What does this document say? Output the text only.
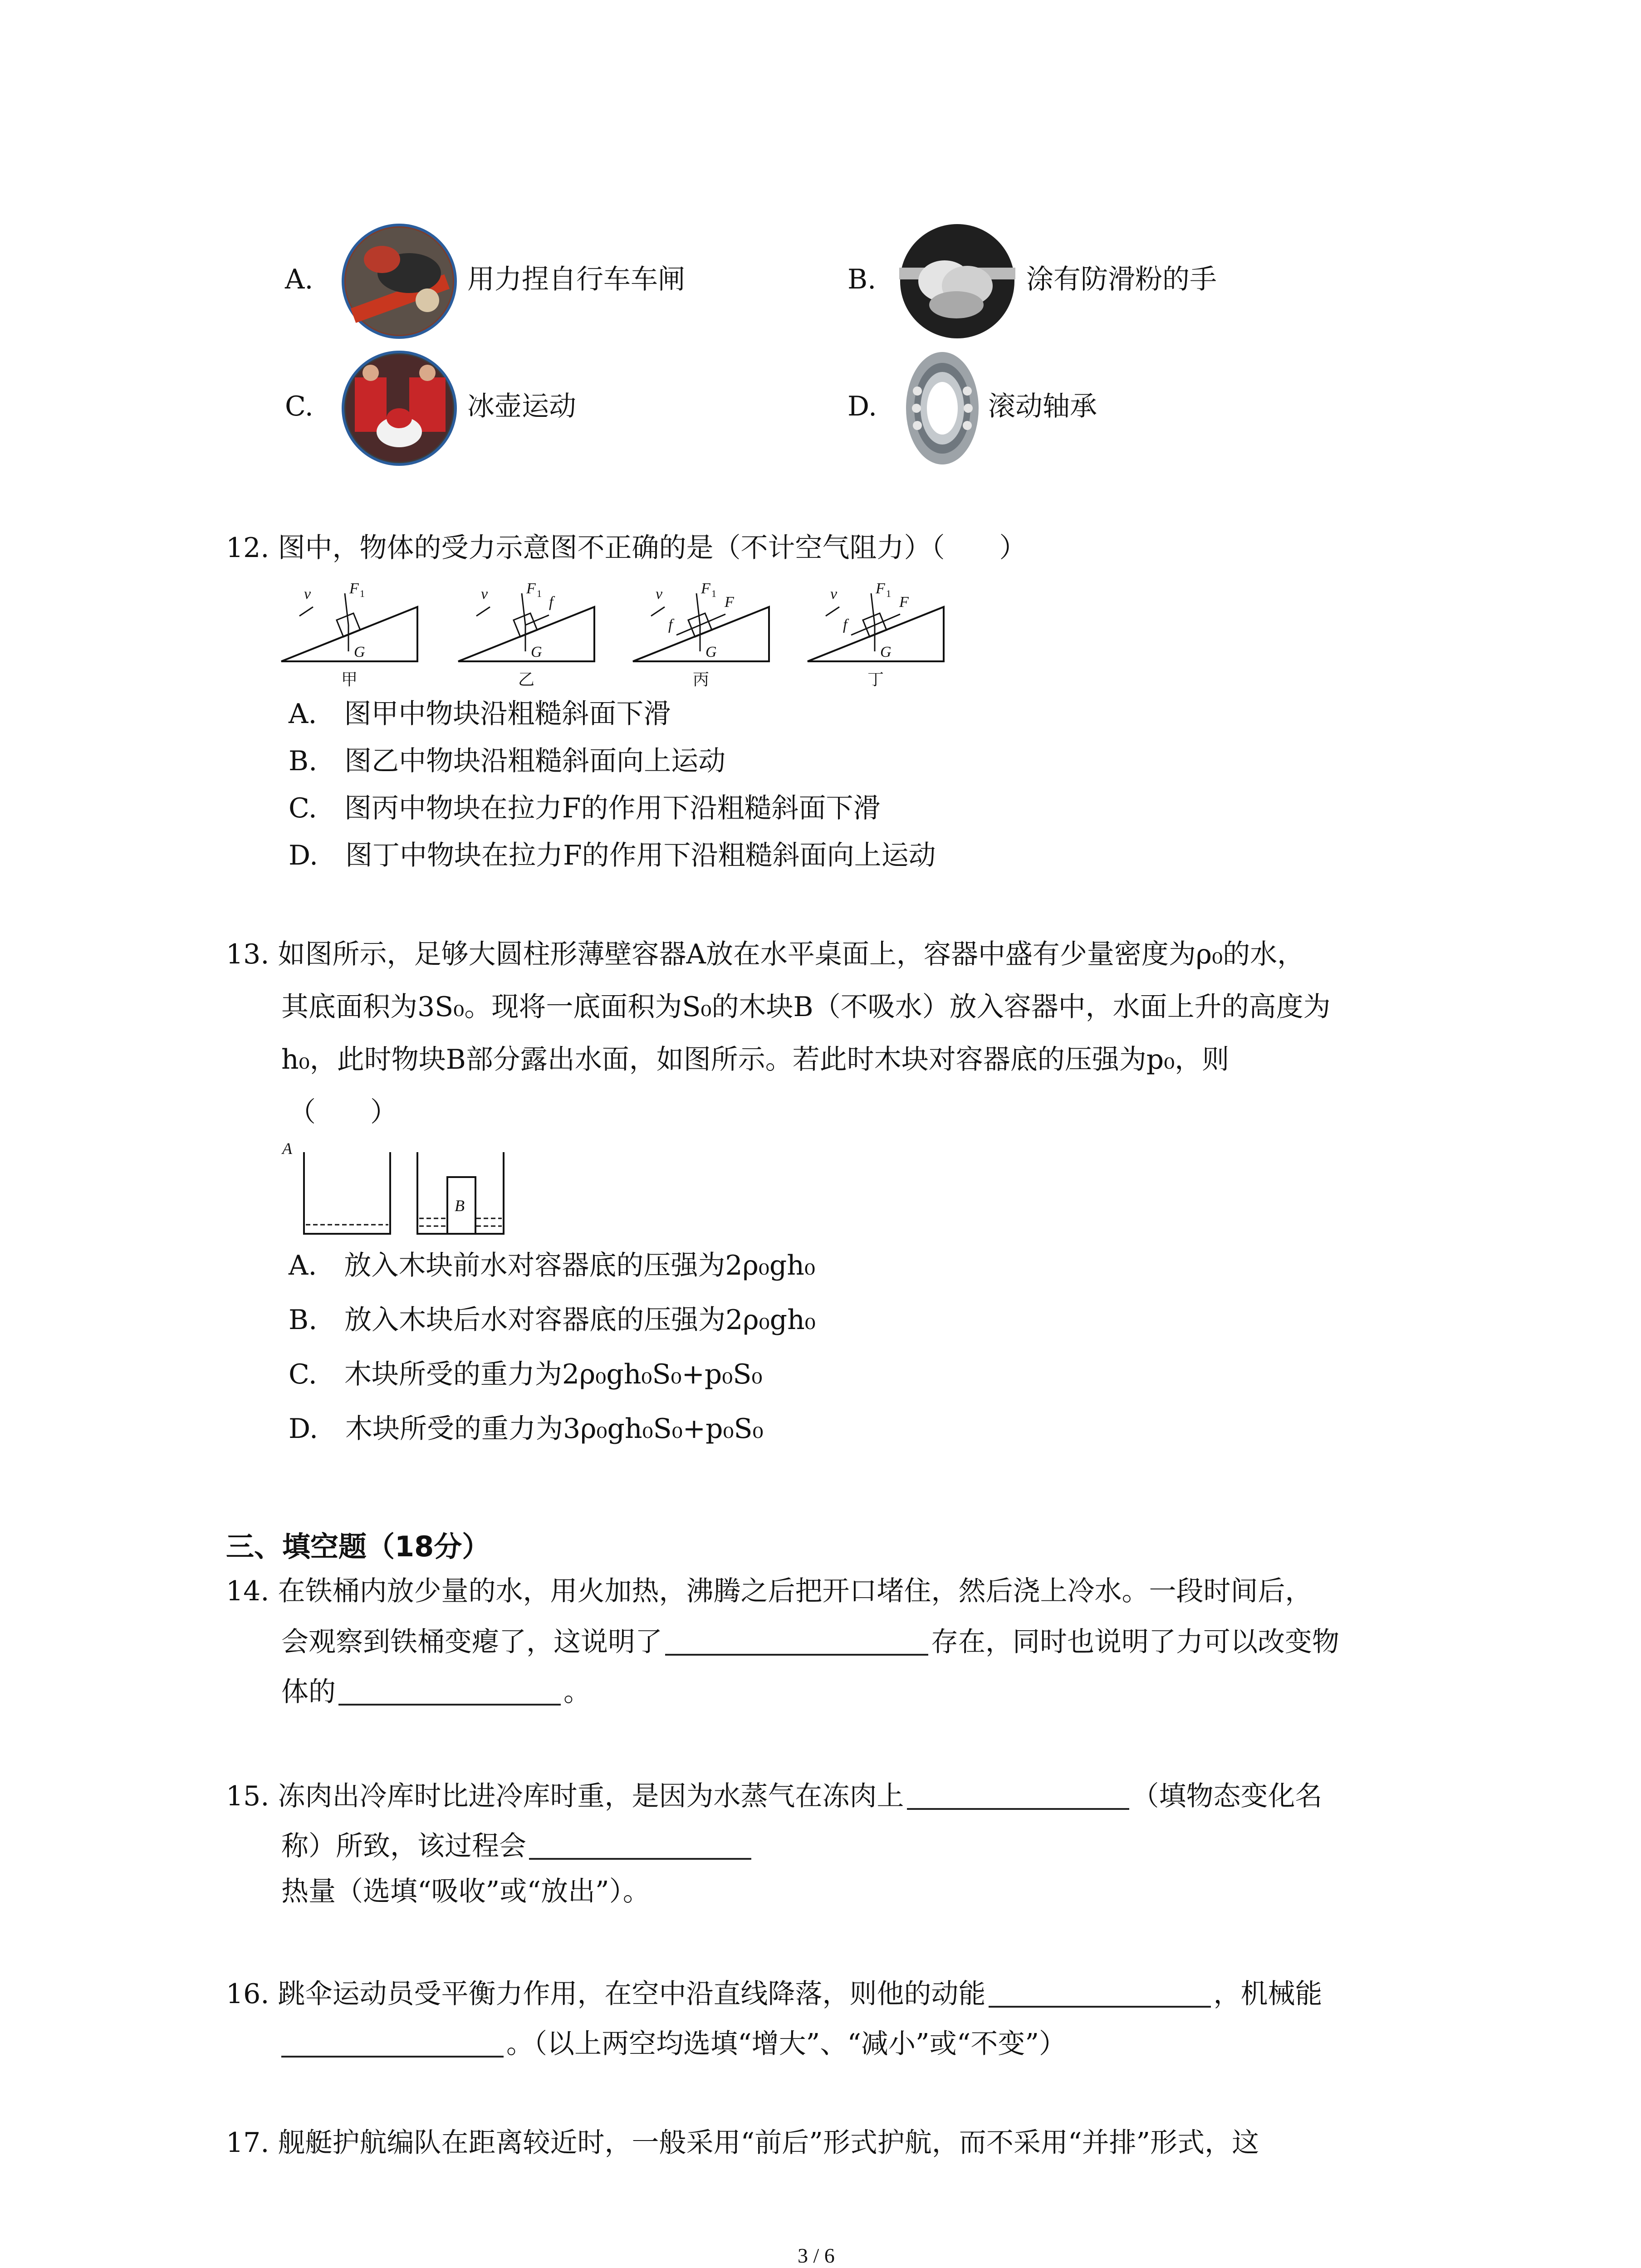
A.	用力捏自行车车闸	B.	涂有防滑粉的手
C.	冰壶运动	D.	滚动轴承
12. 图中，物体的受力示意图不正确的是（不计空气阻力）（　　）
v F 1
G
v F 1
f
G
v F 1
f
F
G
v F 1
f
F
G
甲	乙	丙	丁
A.　图甲中物块沿粗糙斜面下滑
B.　图乙中物块沿粗糙斜面向上运动
C.　图丙中物块在拉力F的作用下沿粗糙斜面下滑
D.　图丁中物块在拉力F的作用下沿粗糙斜面向上运动
13. 如图所示，足够大圆柱形薄壁容器A放在水平桌面上，容器中盛有少量密度为ρ₀的水，
其底面积为3S₀。现将一底面积为S₀的木块B（不吸水）放入容器中，水面上升的高度为
h₀，此时物块B部分露出水面，如图所示。若此时木块对容器底的压强为p₀，则
（　　）
A
B
A.　放入木块前水对容器底的压强为2ρ₀gh₀
B.　放入木块后水对容器底的压强为2ρ₀gh₀
C.　木块所受的重力为2ρ₀gh₀S₀+p₀S₀
D.　木块所受的重力为3ρ₀gh₀S₀+p₀S₀
三、填空题（18分）
14. 在铁桶内放少量的水，用火加热，沸腾之后把开口堵住，然后浇上冷水。一段时间后，
会观察到铁桶变瘪了，这说明了	存在，同时也说明了力可以改变物
体的	。
15. 冻肉出冷库时比进冷库时重，是因为水蒸气在冻肉上	（填物态变化名
称）所致，该过程会
热量（选填“吸收”或“放出”）。
16. 跳伞运动员受平衡力作用，在空中沿直线降落，则他的动能	，机械能
。（以上两空均选填“增大”、“减小”或“不变”）
17. 舰艇护航编队在距离较近时，一般采用“前后”形式护航，而不采用“并排”形式，这
3 / 6
